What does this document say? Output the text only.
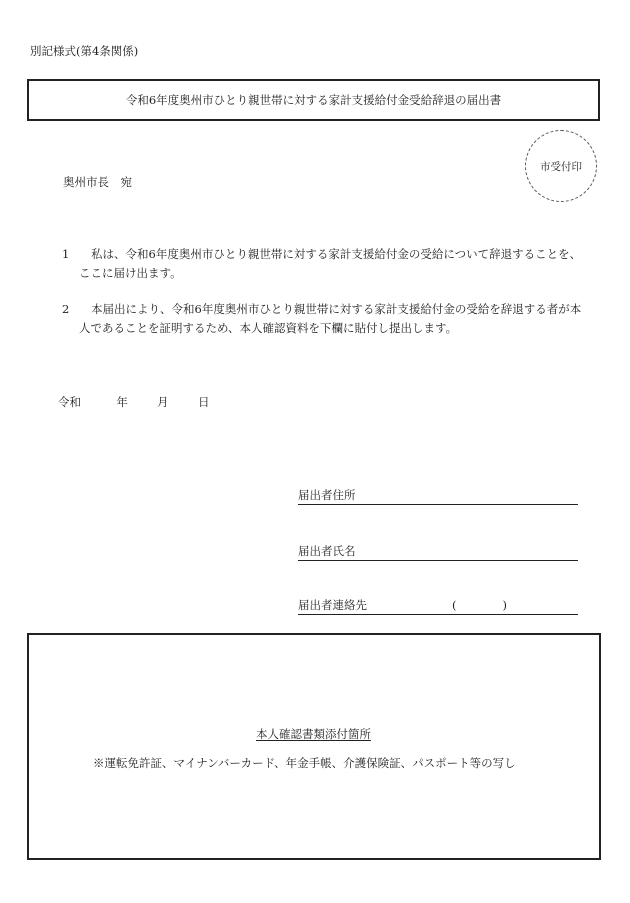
別記様式(第4条関係)
令和6年度奥州市ひとり親世帯に対する家計支援給付金受給辞退の届出書
市受付印
奥州市長　宛
1	私は、令和6年度奥州市ひとり親世帯に対する家計支援給付金の受給について辞退することを、ここに届け出ます。
2	本届出により、令和6年度奥州市ひとり親世帯に対する家計支援給付金の受給を辞退する者が本人であることを証明するため、本人確認資料を下欄に貼付し提出します。
令和	年	月	日
届出者住所
届出者氏名
届出者連絡先	(　　　　)
本人確認書類添付箇所
※運転免許証、マイナンバーカード、年金手帳、介護保険証、パスポート等の写し
